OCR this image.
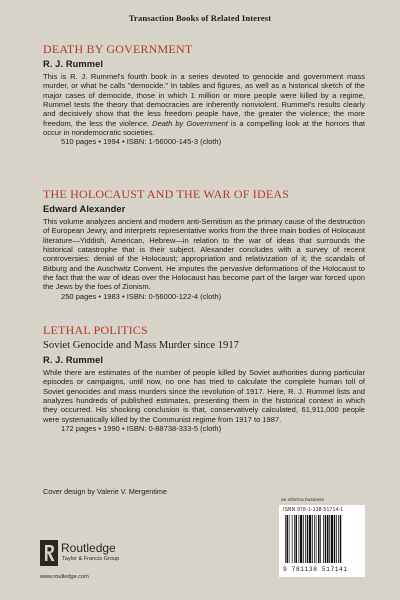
Transaction Books of Related Interest
DEATH BY GOVERNMENT
R. J. Rummel

This is R. J. Rummel's fourth book in a series devoted to genocide and government mass murder, or what he calls "democide." In tables and figures, as well as a historical sketch of the major cases of democide, those in which 1 million or more people were killed by a regime, Rummel tests the theory that democracies are inherently nonviolent. Rummel's results clearly and decisively show that the less freedom people have, the greater the violence; the more freedom, the less the violence. Death by Government is a compelling look at the horrors that occur in nondemocratic societies.

510 pages • 1994 • ISBN: 1-56000-145-3 (cloth)

THE HOLOCAUST AND THE WAR OF IDEAS
Edward Alexander

This volume analyzes ancient and modern anti-Semitism as the primary cause of the destruction of European Jewry, and interprets representative works from the three main bodies of Holocaust literature—Yiddish, American, Hebrew—in relation to the war of ideas that surrounds the historical catastrophe that is their subject. Alexander concludes with a survey of recent controversies: denial of the Holocaust; appropriation and relativization of it; the scandals of Bitburg and the Auschwitz Convent. He imputes the pervasive deformations of the Holocaust to the fact that the war of ideas over the Holocaust has become part of the larger war forced upon the Jews by the foes of Zionism.

250 pages • 1983 • ISBN: 0-56000-122-4 (cloth)

LETHAL POLITICS
Soviet Genocide and Mass Murder since 1917
R. J. Rummel

While there are estimates of the number of people killed by Soviet authorities during particular episodes or campaigns, until now, no one has tried to calculate the complete human toll of Soviet genocides and mass murders since the revolution of 1917. Here, R. J. Rummel lists and analyzes hundreds of published estimates, presenting them in the historical context in which they occurred. His shocking conclusion is that, conservatively calculated, 61,911,000 people were systematically killed by the Communist regime from 1917 to 1987.

172 pages • 1990 • ISBN: 0-88738-333-5 (cloth)

Cover design by Valerie V. Mergentime
an informa business
ISBN 978-1-138-51714-1
9 781138 517141
Routledge
Taylor & Francis Group
www.routledge.com
